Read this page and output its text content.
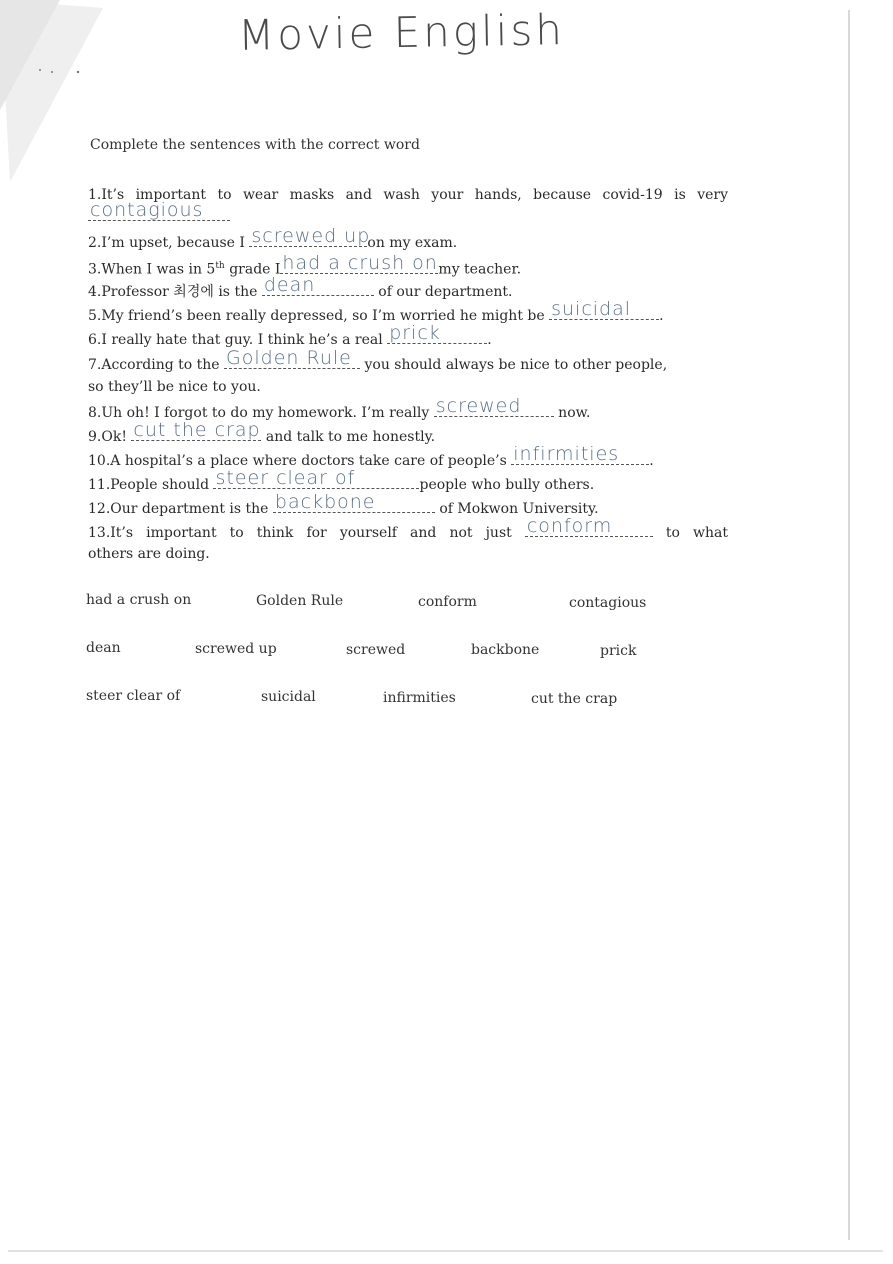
Movie English
Complete the sentences with the correct word
1.It’s important to wear masks and wash your hands, because covid-19 is very
contagious
2.I’m upset, because I screwed up
on my exam.
3.When I was in 5th grade I had a crush on my teacher.
4.Professor 최경에 is the dean	of our department.
5.My friend’s been really depressed, so I’m worried he might be suicidal .
6.I really hate that guy. I think he’s a real prick	.
7.According to the Golden Rule you should always be nice to other people,
so they’ll be nice to you.
8.Uh oh! I forgot to do my homework. I’m really screwed	now.
9.Ok! cut the crap and talk to me honestly.
10.A hospital’s a place where doctors take care of people’s infirmities .
11.People should steer clear of	people who bully others.
12.Our department is the backbone	of Mokwon University.
13.It’s important to think for yourself and not just conform	to what
others are doing.
had a crush on	Golden Rule	conform	contagious
dean	screwed up	screwed	backbone	prick
steer clear of	suicidal	infirmities	cut the crap
